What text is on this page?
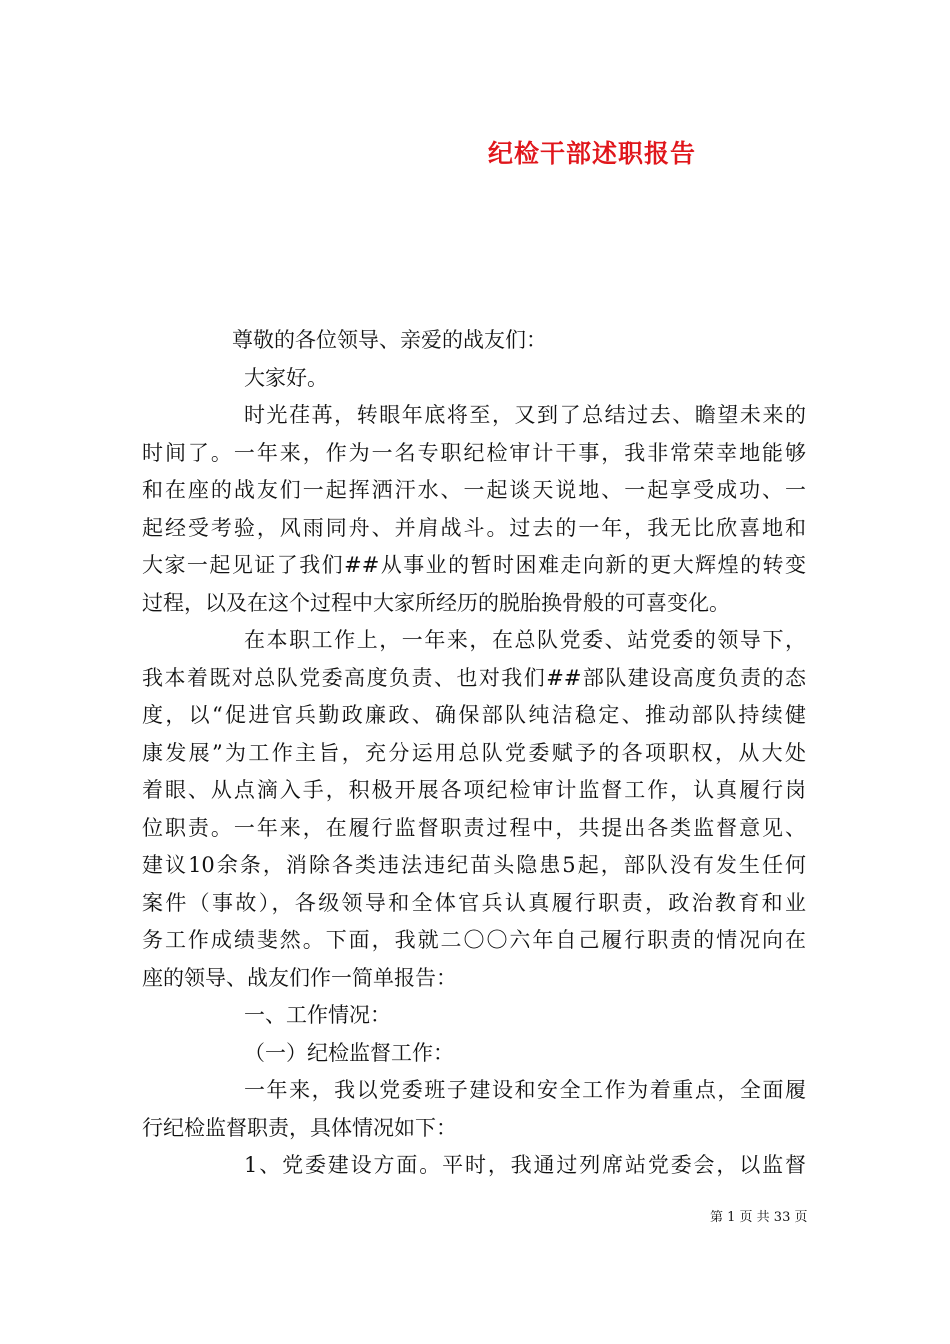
纪检干部述职报告
尊敬的各位领导、亲爱的战友们：
大家好。
时光荏苒，转眼年底将至，又到了总结过去、瞻望未来的
时间了。一年来，作为一名专职纪检审计干事，我非常荣幸地能够
和在座的战友们一起挥洒汗水、一起谈天说地、一起享受成功、一
起经受考验，风雨同舟、并肩战斗。过去的一年，我无比欣喜地和
大家一起见证了我们##从事业的暂时困难走向新的更大辉煌的转变
过程，以及在这个过程中大家所经历的脱胎换骨般的可喜变化。
在本职工作上，一年来，在总队党委、站党委的领导下，
我本着既对总队党委高度负责、也对我们##部队建设高度负责的态
度，以“促进官兵勤政廉政、确保部队纯洁稳定、推动部队持续健
康发展”为工作主旨，充分运用总队党委赋予的各项职权，从大处
着眼、从点滴入手，积极开展各项纪检审计监督工作，认真履行岗
位职责。一年来，在履行监督职责过程中，共提出各类监督意见、
建议10余条，消除各类违法违纪苗头隐患5起，部队没有发生任何
案件（事故），各级领导和全体官兵认真履行职责，政治教育和业
务工作成绩斐然。下面，我就二〇〇六年自己履行职责的情况向在
座的领导、战友们作一简单报告：
一、工作情况：
（一）纪检监督工作：
一年来，我以党委班子建设和安全工作为着重点，全面履
行纪检监督职责，具体情况如下：
1、党委建设方面。平时，我通过列席站党委会，以监督
第 1 页 共 33 页
